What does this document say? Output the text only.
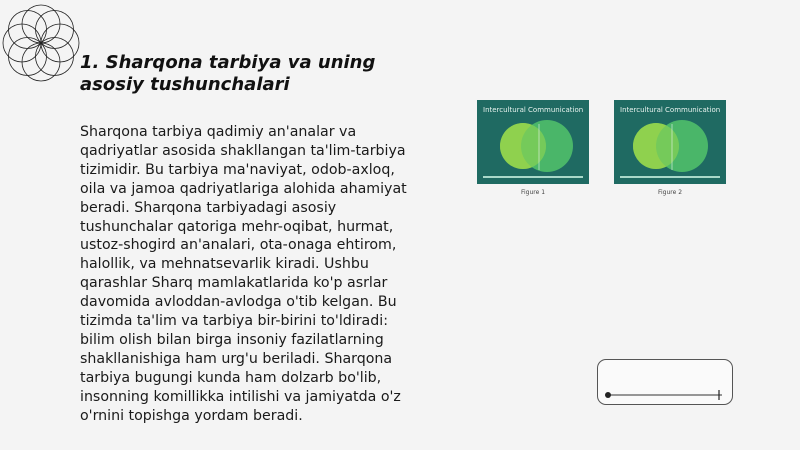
1. Sharqona tarbiya va uning asosiy tushunchalari

Sharqona tarbiya qadimiy an'analar va qadriyatlar asosida shakllangan ta'lim-tarbiya tizimidir. Bu tarbiya ma'naviyat, odob-axloq, oila va jamoa qadriyatlariga alohida ahamiyat beradi. Sharqona tarbiyadagi asosiy tushunchalar qatoriga mehr-oqibat, hurmat, ustoz-shogird an'analari, ota-onaga ehtirom, halollik, va mehnatsevarlik kiradi. Ushbu qarashlar Sharq mamlakatlarida ko'p asrlar davomida avloddan-avlodga o'tib kelgan. Bu tizimda ta'lim va tarbiya bir-birini to'ldiradi: bilim olish bilan birga insoniy fazilatlarning shakllanishiga ham urg'u beriladi. Sharqona tarbiya bugungi kunda ham dolzarb bo'lib, insonning komillikka intilishi va jamiyatda o'z o'rnini topishga yordam beradi.

Intercultural Communication
Figure 1
Intercultural Communication
Figure 2
